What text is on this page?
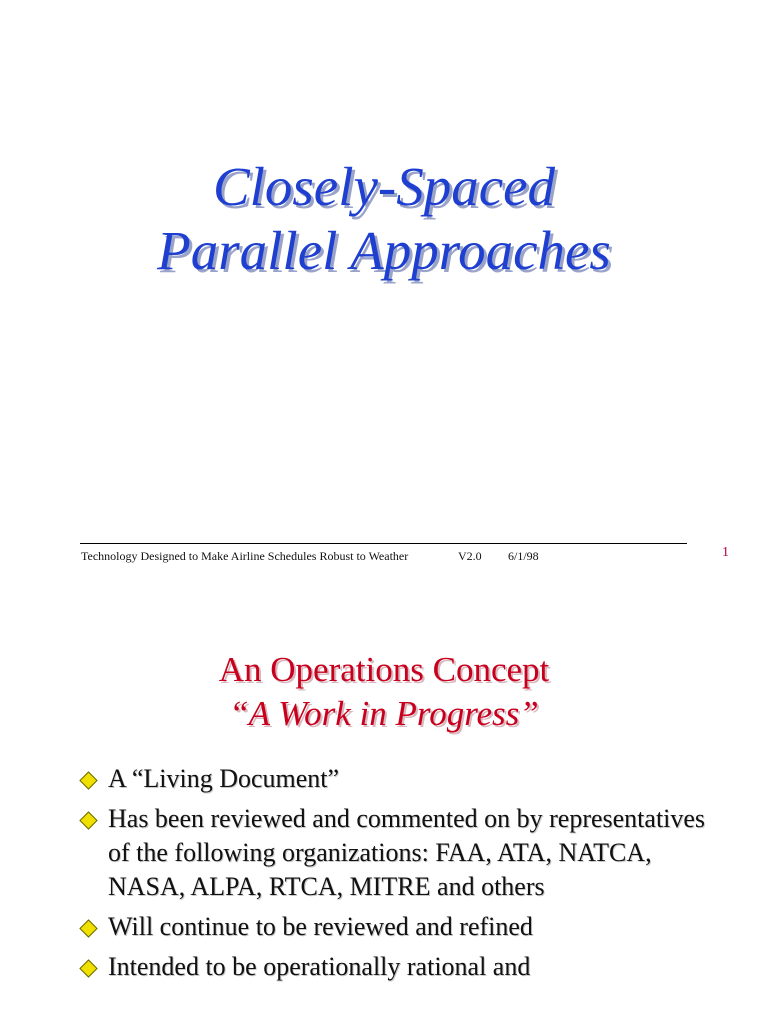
Closely-Spaced
Parallel Approaches
Technology Designed to Make Airline Schedules Robust to Weather	V2.0 6/1/98	1
An Operations Concept
“A Work in Progress”
A “Living Document”
Has been reviewed and commented on by representatives of the following organizations: FAA, ATA, NATCA, NASA, ALPA, RTCA, MITRE and others
Will continue to be reviewed and refined
Intended to be operationally rational and
